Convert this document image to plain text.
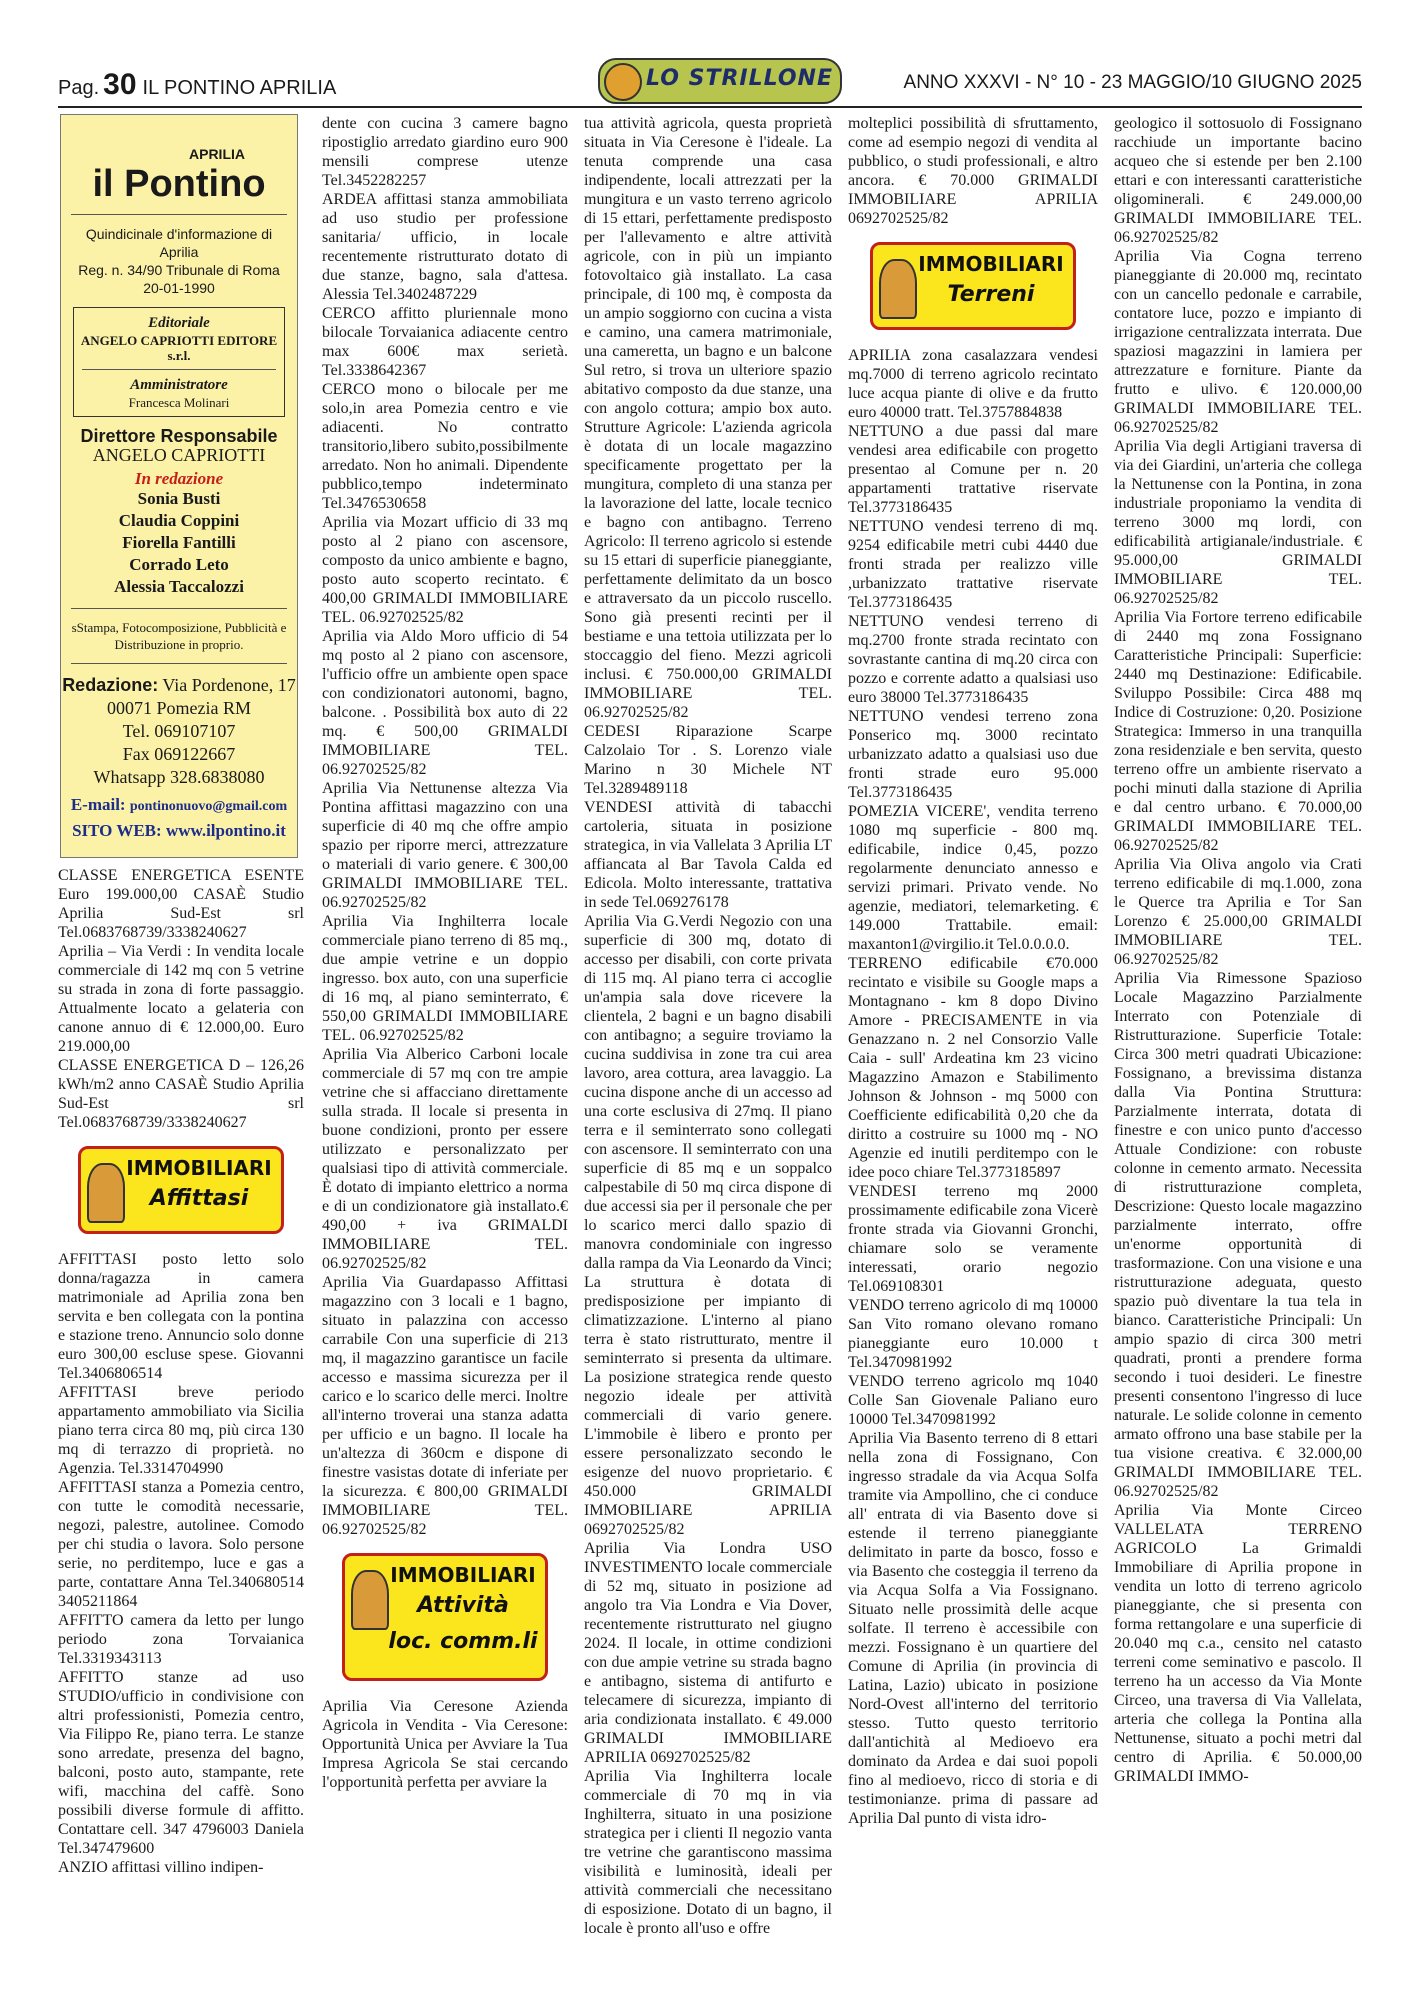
Pag. 30 IL PONTINO APRILIA	LO STRILLONE	ANNO XXXVI - N° 10 - 23 MAGGIO/10 GIUGNO 2025
APRILIA
il Pontino
Quindicinale d'informazione di Aprilia
Reg. n. 34/90 Tribunale di Roma
20-01-1990
Editoriale
ANGELO CAPRIOTTI EDITORE s.r.l.
Amministratore
Francesca Molinari
Direttore Responsabile
ANGELO CAPRIOTTI
In redazione
Sonia Busti
Claudia Coppini
Fiorella Fantilli
Corrado Leto
Alessia Taccalozzi
sStampa, Fotocomposizione, Pubblicità e Distribuzione in proprio.
Redazione: Via Pordenone, 17
00071 Pomezia RM
Tel. 069107107
Fax 069122667
Whatsapp 328.6838080
E-mail: pontinonuovo@gmail.com
SITO WEB: www.ilpontino.it

CLASSE ENERGETICA ESENTE Euro 199.000,00 CASAÈ Studio Aprilia Sud-Est srl Tel.0683768739/3338240627

Aprilia – Via Verdi : In vendita locale commerciale di 142 mq con 5 vetrine su strada in zona di forte passaggio. Attualmente locato a gelateria con canone annuo di € 12.000,00. Euro 219.000,00

CLASSE ENERGETICA D – 126,26 kWh/m2 anno CASAÈ Studio Aprilia Sud-Est srl Tel.0683768739/3338240627

IMMOBILIARI
Affittasi

AFFITTASI posto letto solo donna/ragazza in camera matrimoniale ad Aprilia zona ben servita e ben collegata con la pontina e stazione treno. Annuncio solo donne euro 300,00 escluse spese. Giovanni Tel.3406806514

AFFITTASI breve periodo appartamento ammobiliato via Sicilia piano terra circa 80 mq, più circa 130 mq di terrazzo di proprietà. no Agenzia. Tel.3314704990

AFFITTASI stanza a Pomezia centro, con tutte le comodità necessarie, negozi, palestre, autolinee. Comodo per chi studia o lavora. Solo persone serie, no perditempo, luce e gas a parte, contattare Anna Tel.340680514 3405211864

AFFITTO camera da letto per lungo periodo zona Torvaianica Tel.3319343113

AFFITTO stanze ad uso STUDIO/ufficio in condivisione con altri professionisti, Pomezia centro, Via Filippo Re, piano terra. Le stanze sono arredate, presenza del bagno, balconi, posto auto, stampante, rete wifi, macchina del caffè. Sono possibili diverse formule di affitto. Contattare cell. 347 4796003 Daniela Tel.347479600

ANZIO affittasi villino indipen-

dente con cucina 3 camere bagno ripostiglio arredato giardino euro 900 mensili comprese utenze Tel.3452282257

ARDEA affittasi stanza ammobiliata ad uso studio per professione sanitaria/ ufficio, in locale recentemente ristrutturato dotato di due stanze, bagno, sala d'attesa. Alessia Tel.3402487229

CERCO affitto pluriennale mono bilocale Torvaianica adiacente centro max 600€ max serietà. Tel.3338642367

CERCO mono o bilocale per me solo,in area Pomezia centro e vie adiacenti. No contratto transitorio,libero subito,possibilmente arredato. Non ho animali. Dipendente pubblico,tempo indeterminato Tel.3476530658

Aprilia via Mozart ufficio di 33 mq posto al 2 piano con ascensore, composto da unico ambiente e bagno, posto auto scoperto recintato. € 400,00 GRIMALDI IMMOBILIARE TEL. 06.92702525/82

Aprilia via Aldo Moro ufficio di 54 mq posto al 2 piano con ascensore, l'ufficio offre un ambiente open space con condizionatori autonomi, bagno, balcone. . Possibilità box auto di 22 mq. € 500,00 GRIMALDI IMMOBILIARE TEL. 06.92702525/82

Aprilia Via Nettunense altezza Via Pontina affittasi magazzino con una superficie di 40 mq che offre ampio spazio per riporre merci, attrezzature o materiali di vario genere. € 300,00 GRIMALDI IMMOBILIARE TEL. 06.92702525/82

Aprilia Via Inghilterra locale commerciale piano terreno di 85 mq., due ampie vetrine e un doppio ingresso. box auto, con una superficie di 16 mq, al piano seminterrato, € 550,00 GRIMALDI IMMOBILIARE TEL. 06.92702525/82

Aprilia Via Alberico Carboni locale commerciale di 57 mq con tre ampie vetrine che si affacciano direttamente sulla strada. Il locale si presenta in buone condizioni, pronto per essere utilizzato e personalizzato per qualsiasi tipo di attività commerciale. È dotato di impianto elettrico a norma e di un condizionatore già installato.€ 490,00 + iva GRIMALDI IMMOBILIARE TEL. 06.92702525/82

Aprilia Via Guardapasso Affittasi magazzino con 3 locali e 1 bagno, situato in palazzina con accesso carrabile Con una superficie di 213 mq, il magazzino garantisce un facile accesso e massima sicurezza per il carico e lo scarico delle merci. Inoltre all'interno troverai una stanza adatta per ufficio e un bagno. Il locale ha un'altezza di 360cm e dispone di finestre vasistas dotate di inferiate per la sicurezza. € 800,00 GRIMALDI IMMOBILIARE TEL. 06.92702525/82

IMMOBILIARI
Attività
loc. comm.li

Aprilia Via Ceresone Azienda Agricola in Vendita - Via Ceresone: Opportunità Unica per Avviare la Tua Impresa Agricola Se stai cercando l'opportunità perfetta per avviare la

tua attività agricola, questa proprietà situata in Via Ceresone è l'ideale. La tenuta comprende una casa indipendente, locali attrezzati per la mungitura e un vasto terreno agricolo di 15 ettari, perfettamente predisposto per l'allevamento e altre attività agricole, con in più un impianto fotovoltaico già installato. La casa principale, di 100 mq, è composta da un ampio soggiorno con cucina a vista e camino, una camera matrimoniale, una cameretta, un bagno e un balcone Sul retro, si trova un ulteriore spazio abitativo composto da due stanze, una con angolo cottura; ampio box auto. Strutture Agricole: L'azienda agricola è dotata di un locale magazzino specificamente progettato per la mungitura, completo di una stanza per la lavorazione del latte, locale tecnico e bagno con antibagno. Terreno Agricolo: Il terreno agricolo si estende su 15 ettari di superficie pianeggiante, perfettamente delimitato da un bosco e attraversato da un piccolo ruscello. Sono già presenti recinti per il bestiame e una tettoia utilizzata per lo stoccaggio del fieno. Mezzi agricoli inclusi. € 750.000,00 GRIMALDI IMMOBILIARE TEL. 06.92702525/82

CEDESI Riparazione Scarpe Calzolaio Tor . S. Lorenzo viale Marino n 30 Michele NT Tel.3289489118

VENDESI attività di tabacchi cartoleria, situata in posizione strategica, in via Vallelata 3 Aprilia LT affiancata al Bar Tavola Calda ed Edicola. Molto interessante, trattativa in sede Tel.069276178

Aprilia Via G.Verdi Negozio con una superficie di 300 mq, dotato di accesso per disabili, con corte privata di 115 mq. Al piano terra ci accoglie un'ampia sala dove ricevere la clientela, 2 bagni e un bagno disabili con antibagno; a seguire troviamo la cucina suddivisa in zone tra cui area lavoro, area cottura, area lavaggio. La cucina dispone anche di un accesso ad una corte esclusiva di 27mq. Il piano terra e il seminterrato sono collegati con ascensore. Il seminterrato con una superficie di 85 mq e un soppalco calpestabile di 50 mq circa dispone di due accessi sia per il personale che per lo scarico merci dallo spazio di manovra condominiale con ingresso dalla rampa da Via Leonardo da Vinci; La struttura è dotata di predisposizione per impianto di climatizzazione. L'interno al piano terra è stato ristrutturato, mentre il seminterrato si presenta da ultimare. La posizione strategica rende questo negozio ideale per attività commerciali di vario genere. L'immobile è libero e pronto per essere personalizzato secondo le esigenze del nuovo proprietario. € 450.000 GRIMALDI IMMOBILIARE APRILIA 0692702525/82

Aprilia Via Londra USO INVESTIMENTO locale commerciale di 52 mq, situato in posizione ad angolo tra Via Londra e Via Dover, recentemente ristrutturato nel giugno 2024. Il locale, in ottime condizioni con due ampie vetrine su strada bagno e antibagno, sistema di antifurto e telecamere di sicurezza, impianto di aria condizionata installato. € 49.000 GRIMALDI IMMOBILIARE APRILIA 0692702525/82

Aprilia Via Inghilterra locale commerciale di 70 mq in via Inghilterra, situato in una posizione strategica per i clienti Il negozio vanta tre vetrine che garantiscono massima visibilità e luminosità, ideali per attività commerciali che necessitano di esposizione. Dotato di un bagno, il locale è pronto all'uso e offre

molteplici possibilità di sfruttamento, come ad esempio negozi di vendita al pubblico, o studi professionali, e altro ancora. € 70.000 GRIMALDI IMMOBILIARE APRILIA 0692702525/82

IMMOBILIARI
Terreni

APRILIA zona casalazzara vendesi mq.7000 di terreno agricolo recintato luce acqua piante di olive e da frutto euro 40000 tratt. Tel.3757884838

NETTUNO a due passi dal mare vendesi area edificabile con progetto presentao al Comune per n. 20 appartamenti trattative riservate Tel.3773186435

NETTUNO vendesi terreno di mq. 9254 edificabile metri cubi 4440 due fronti strada per realizzo ville ,urbanizzato trattative riservate Tel.3773186435

NETTUNO vendesi terreno di mq.2700 fronte strada recintato con sovrastante cantina di mq.20 circa con pozzo e corrente adatto a qualsiasi uso euro 38000 Tel.3773186435

NETTUNO vendesi terreno zona Ponserico mq. 3000 recintato urbanizzato adatto a qualsiasi uso due fronti strade euro 95.000 Tel.3773186435

POMEZIA VICERE', vendita terreno 1080 mq superficie - 800 mq. edificabile, indice 0,45, pozzo regolarmente denunciato annesso e servizi primari. Privato vende. No agenzie, mediatori, telemarketing. € 149.000 Trattabile. email: maxanton1@virgilio.it Tel.0.0.0.0.

TERRENO edificabile €70.000 recintato e visibile su Google maps a Montagnano - km 8 dopo Divino Amore - PRECISAMENTE in via Genazzano n. 2 nel Consorzio Valle Caia - sull' Ardeatina km 23 vicino Magazzino Amazon e Stabilimento Johnson & Johnson - mq 5000 con Coefficiente edificabilità 0,20 che da diritto a costruire su 1000 mq - NO Agenzie ed inutili perditempo con le idee poco chiare Tel.3773185897

VENDESI terreno mq 2000 prossimamente edificabile zona Vicerè fronte strada via Giovanni Gronchi, chiamare solo se veramente interessati, orario negozio Tel.069108301

VENDO terreno agricolo di mq 10000 San Vito romano olevano romano pianeggiante euro 10.000 t Tel.3470981992

VENDO terreno agricolo mq 1040 Colle San Giovenale Paliano euro 10000 Tel.3470981992

Aprilia Via Basento terreno di 8 ettari nella zona di Fossignano, Con ingresso stradale da via Acqua Solfa tramite via Ampollino, che ci conduce all' entrata di via Basento dove si estende il terreno pianeggiante delimitato in parte da bosco, fosso e via Basento che costeggia il terreno da via Acqua Solfa a Via Fossignano. Situato nelle prossimità delle acque solfate. Il terreno è accessibile con mezzi. Fossignano è un quartiere del Comune di Aprilia (in provincia di Latina, Lazio) ubicato in posizione Nord-Ovest all'interno del territorio stesso. Tutto questo territorio dall'antichità al Medioevo era dominato da Ardea e dai suoi popoli fino al medioevo, ricco di storia e di testimonianze. prima di passare ad Aprilia Dal punto di vista idro-

geologico il sottosuolo di Fossignano racchiude un importante bacino acqueo che si estende per ben 2.100 ettari e con interessanti caratteristiche oligominerali. € 249.000,00 GRIMALDI IMMOBILIARE TEL. 06.92702525/82

Aprilia Via Cogna terreno pianeggiante di 20.000 mq, recintato con un cancello pedonale e carrabile, contatore luce, pozzo e impianto di irrigazione centralizzata interrata. Due spaziosi magazzini in lamiera per attrezzature e forniture. Piante da frutto e ulivo. € 120.000,00 GRIMALDI IMMOBILIARE TEL. 06.92702525/82

Aprilia Via degli Artigiani traversa di via dei Giardini, un'arteria che collega la Nettunense con la Pontina, in zona industriale proponiamo la vendita di terreno 3000 mq lordi, con edificabilità artigianale/industriale. € 95.000,00 GRIMALDI IMMOBILIARE TEL. 06.92702525/82

Aprilia Via Fortore terreno edificabile di 2440 mq zona Fossignano Caratteristiche Principali: Superficie: 2440 mq Destinazione: Edificabile. Sviluppo Possibile: Circa 488 mq Indice di Costruzione: 0,20. Posizione Strategica: Immerso in una tranquilla zona residenziale e ben servita, questo terreno offre un ambiente riservato a pochi minuti dalla stazione di Aprilia e dal centro urbano. € 70.000,00 GRIMALDI IMMOBILIARE TEL. 06.92702525/82

Aprilia Via Oliva angolo via Crati terreno edificabile di mq.1.000, zona le Querce tra Aprilia e Tor San Lorenzo € 25.000,00 GRIMALDI IMMOBILIARE TEL. 06.92702525/82

Aprilia Via Rimessone Spazioso Locale Magazzino Parzialmente Interrato con Potenziale di Ristrutturazione. Superficie Totale: Circa 300 metri quadrati Ubicazione: Fossignano, a brevissima distanza dalla Via Pontina Struttura: Parzialmente interrata, dotata di finestre e con unico punto d'accesso Attuale Condizione: con robuste colonne in cemento armato. Necessita di ristrutturazione completa, Descrizione: Questo locale magazzino parzialmente interrato, offre un'enorme opportunità di trasformazione. Con una visione e una ristrutturazione adeguata, questo spazio può diventare la tua tela in bianco. Caratteristiche Principali: Un ampio spazio di circa 300 metri quadrati, pronti a prendere forma secondo i tuoi desideri. Le finestre presenti consentono l'ingresso di luce naturale. Le solide colonne in cemento armato offrono una base stabile per la tua visione creativa. € 32.000,00 GRIMALDI IMMOBILIARE TEL. 06.92702525/82

Aprilia Via Monte Circeo VALLELATA TERRENO AGRICOLO La Grimaldi Immobiliare di Aprilia propone in vendita un lotto di terreno agricolo pianeggiante, che si presenta con forma rettangolare e una superficie di 20.040 mq c.a., censito nel catasto terreni come seminativo e pascolo. Il terreno ha un accesso da Via Monte Circeo, una traversa di Via Vallelata, arteria che collega la Pontina alla Nettunense, situato a pochi metri dal centro di Aprilia. € 50.000,00 GRIMALDI IMMO-
